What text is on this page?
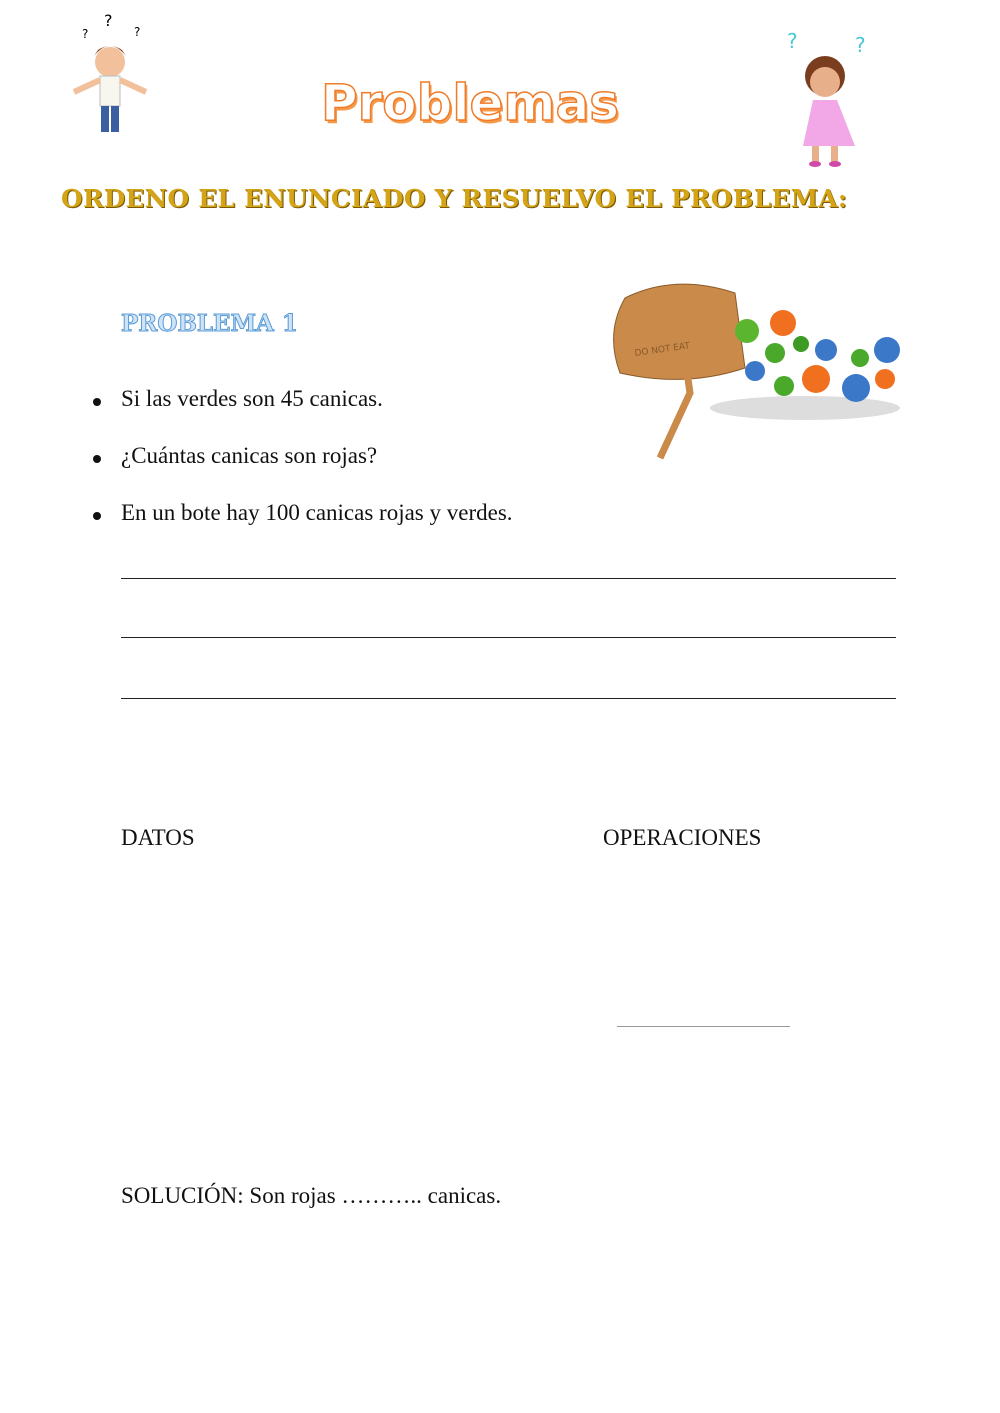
?
?	?
Problemas
?	?
ORDENO EL ENUNCIADO Y RESUELVO EL PROBLEMA:
PROBLEMA 1
DO NOT EAT
Si las verdes son 45 canicas.
¿Cuántas canicas son rojas?
En un bote hay 100 canicas rojas y verdes.
DATOS	OPERACIONES
SOLUCIÓN: Son rojas ……….. canicas.
